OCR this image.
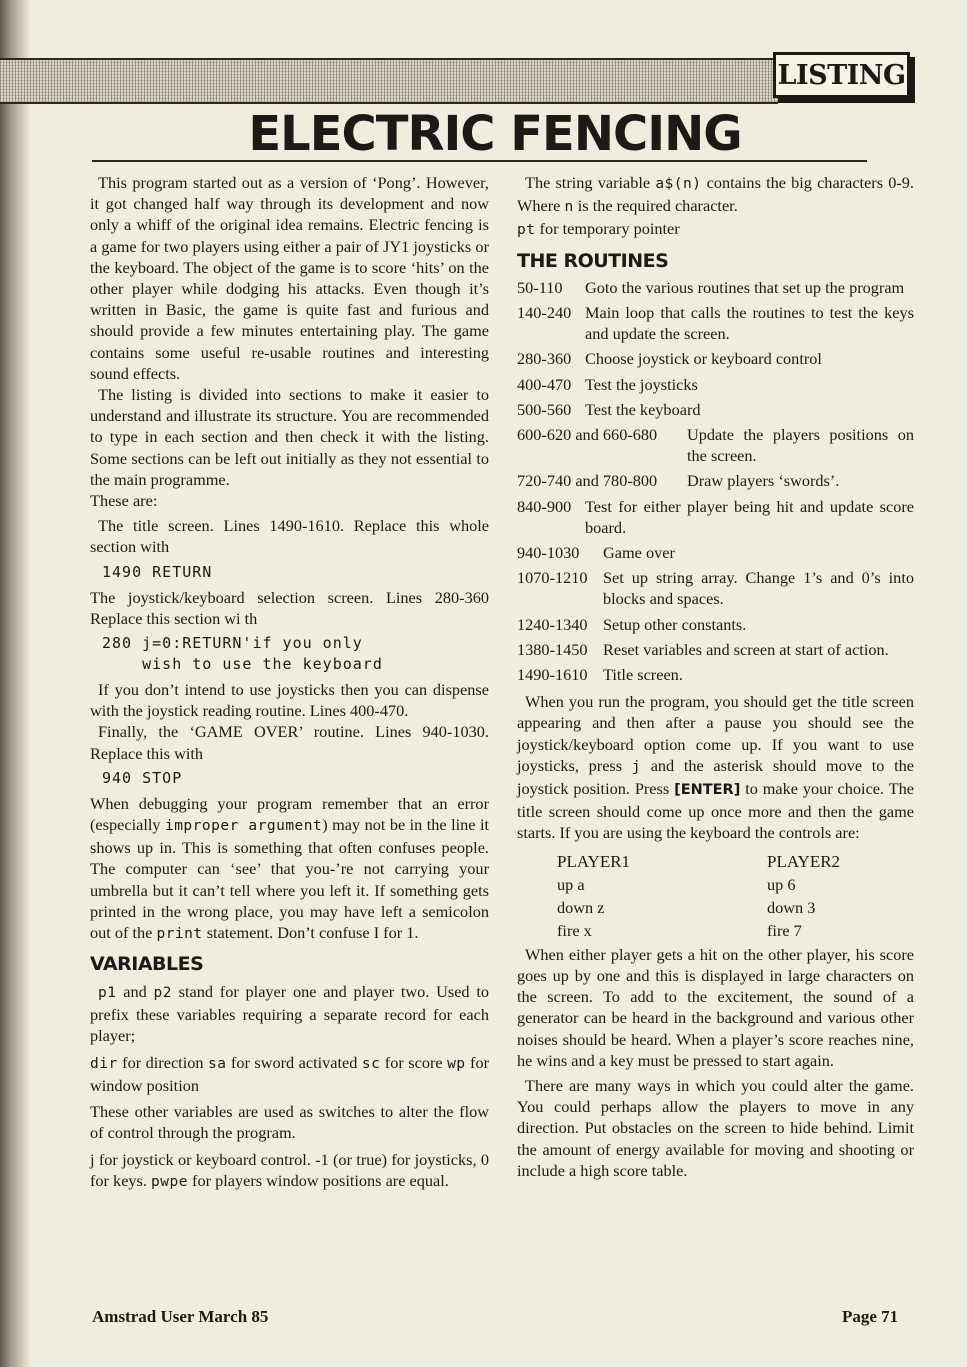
LISTING
ELECTRIC FENCING

This program started out as a version of ‘Pong’. However, it got changed half way through its development and now only a whiff of the original idea remains. Electric fencing is a game for two players using either a pair of JY1 joysticks or the keyboard. The object of the game is to score ‘hits’ on the other player while dodging his attacks. Even though it’s written in Basic, the game is quite fast and furious and should provide a few minutes entertaining play. The game contains some useful re-usable routines and interesting sound effects.

The listing is divided into sections to make it easier to understand and illustrate its structure. You are recommended to type in each section and then check it with the listing. Some sections can be left out initially as they not essential to the main programme.

These are:

The title screen. Lines 1490-1610. Replace this whole section with

1490 RETURN

The joystick/keyboard selection screen. Lines 280-360 Replace this section wi th

280 j=0:RETURN'if you only
wish to use the keyboard

If you don’t intend to use joysticks then you can dispense with the joystick reading routine. Lines 400-470.

Finally, the ‘GAME OVER’ routine. Lines 940-1030. Replace this with

940 STOP

When debugging your program remember that an error (especially improper argument) may not be in the line it shows up in. This is something that often confuses people. The computer can ‘see’ that you-’re not carrying your umbrella but it can’t tell where you left it. If something gets printed in the wrong place, you may have left a semicolon out of the print statement. Don’t confuse I for 1.

VARIABLES

p1 and p2 stand for player one and player two. Used to prefix these variables requiring a separate record for each player;

dir for direction sa for sword activated sc for score wp for window position

These other variables are used as switches to alter the flow of control through the program.

j for joystick or keyboard control. -1 (or true) for joysticks, 0 for keys. pwpe for players window positions are equal.

The string variable a$(n) contains the big characters 0-9. Where n is the required character.

pt for temporary pointer

THE ROUTINES
50-110	Goto the various routines that set up the program
140-240 Main loop that calls the routines to test the keys and update the screen.
280-360 Choose joystick or keyboard control
400-470 Test the joysticks
500-560 Test the keyboard
600-620 and 660-680	Update the players positions on the screen.
720-740 and 780-800	Draw players ‘swords’.
840-900 Test for either player being hit and update score board.
940-1030	Game over
1070-1210 Set up string array. Change 1’s and 0’s into blocks and spaces.
1240-1340 Setup other constants.
1380-1450 Reset variables and screen at start of action.
1490-1610 Title screen.

When you run the program, you should get the title screen appearing and then after a pause you should see the joystick/keyboard option come up. If you want to use joysticks, press j and the asterisk should move to the joystick position. Press [ENTER] to make your choice. The title screen should come up once more and then the game starts. If you are using the keyboard the controls are:

PLAYER1	PLAYER2
up a	up 6
down z	down 3
fire x	fire 7

When either player gets a hit on the other player, his score goes up by one and this is displayed in large characters on the screen. To add to the excitement, the sound of a generator can be heard in the background and various other noises should be heard. When a player’s score reaches nine, he wins and a key must be pressed to start again.

There are many ways in which you could alter the game. You could perhaps allow the players to move in any direction. Put obstacles on the screen to hide behind. Limit the amount of energy available for moving and shooting or include a high score table.

Amstrad User March 85	Page 71
